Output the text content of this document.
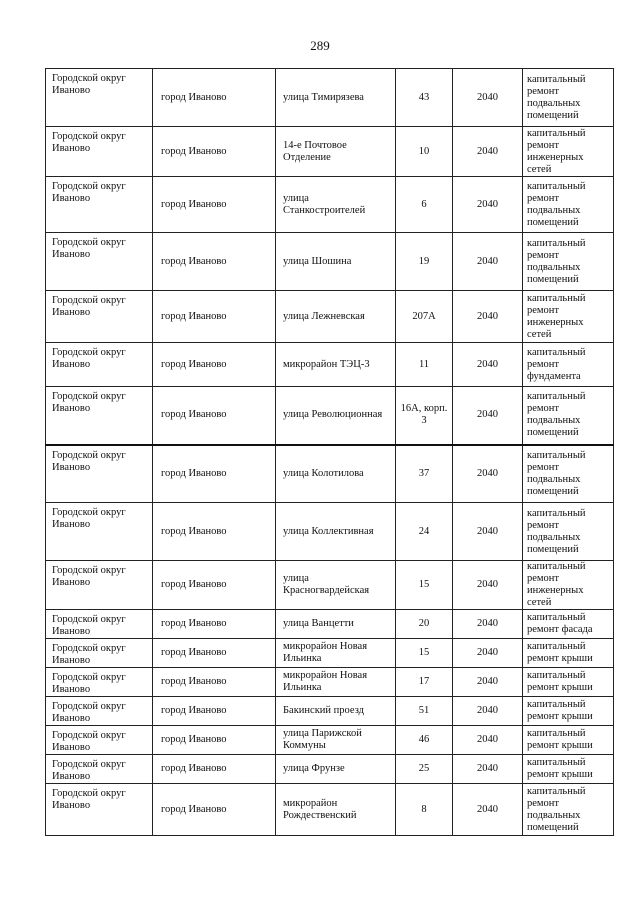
289
Городской округ Иваново	город Иваново	улица Тимирязева	43	2040	капитальный ремонт подвальных помещений
Городской округ Иваново	город Иваново	14-е Почтовое Отделение	10	2040	капитальный ремонт инженерных сетей
Городской округ Иваново	город Иваново	улица Станкостроителей	6	2040	капитальный ремонт подвальных помещений
Городской округ Иваново	город Иваново	улица Шошина	19	2040	капитальный ремонт подвальных помещений
Городской округ Иваново	город Иваново	улица Лежневская	207А	2040	капитальный ремонт инженерных сетей
Городской округ Иваново	город Иваново	микрорайон ТЭЦ-3	11	2040	капитальный ремонт фундамента
Городской округ Иваново	город Иваново	улица Революционная	16А, корп. 3	2040	капитальный ремонт подвальных помещений
Городской округ Иваново	город Иваново	улица Колотилова	37	2040	капитальный ремонт подвальных помещений
Городской округ Иваново	город Иваново	улица Коллективная	24	2040	капитальный ремонт подвальных помещений
Городской округ Иваново	город Иваново	улица Красногвардейская	15	2040	капитальный ремонт инженерных сетей
Городской округ Иваново	город Иваново	улица Ванцетти	20	2040	капитальный ремонт фасада
Городской округ Иваново	город Иваново	микрорайон Новая Ильинка	15	2040	капитальный ремонт крыши
Городской округ Иваново	город Иваново	микрорайон Новая Ильинка	17	2040	капитальный ремонт крыши
Городской округ Иваново	город Иваново	Бакинский проезд	51	2040	капитальный ремонт крыши
Городской округ Иваново	город Иваново	улица Парижской Коммуны	46	2040	капитальный ремонт крыши
Городской округ Иваново	город Иваново	улица Фрунзе	25	2040	капитальный ремонт крыши
Городской округ Иваново	город Иваново	микрорайон Рождественский	8	2040	капитальный ремонт подвальных помещений
